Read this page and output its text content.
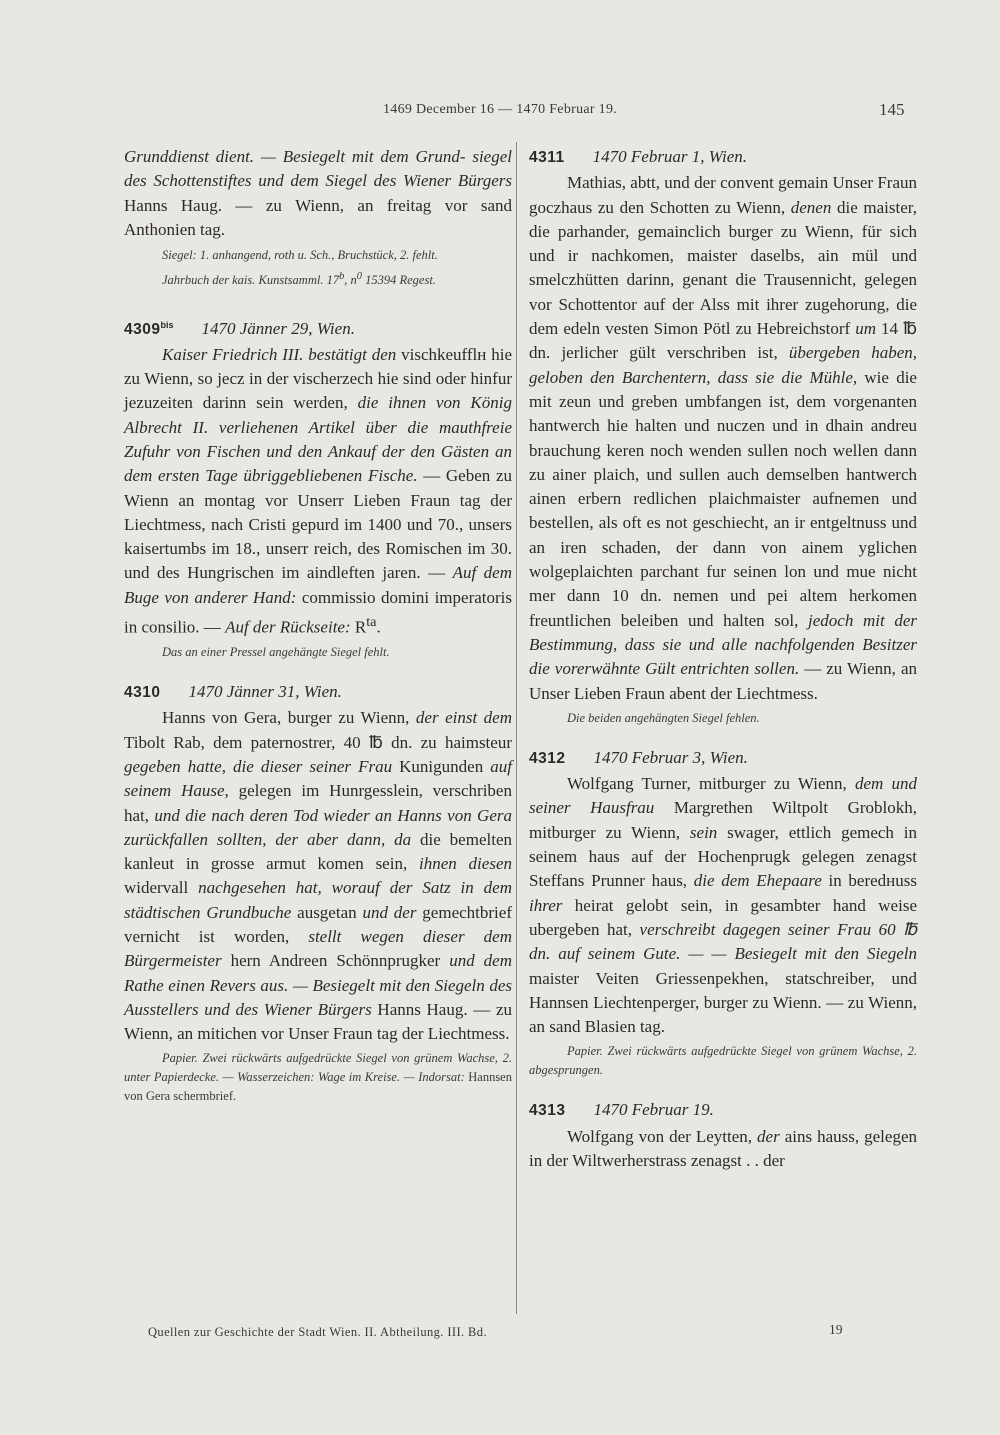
1469 December 16 — 1470 Februar 19.	145

Grunddienst dient. — Besiegelt mit dem Grund- siegel des Schottenstiftes und dem Siegel des Wiener Bürgers Hanns Haug. — zu Wienn, an freitag vor sand Anthonien tag.

Siegel: 1. anhangend, roth u. Sch., Bruchstück, 2. fehlt.

Jahrbuch der kais. Kunstsamml. 17$^b$, $n^0$ 15394 Regest.

$4309^{bis}$ 1470 Jänner 29, Wien.

Kaiser Friedrich III. bestätigt den vischkeufflн hie zu Wienn, so jecz in der vischerzech hie sind oder hinfur jezuzeiten darinn sein werden, die ihnen von König Albrecht II. verliehenen Artikel über die mauthfreie Zufuhr von Fischen und den Ankauf der den Gästen an dem ersten Tage übriggebliebenen Fische. — Geben zu Wienn an montag vor Unserr Lieben Fraun tag der Liechtmess, nach Cristi gepurd im 1400 und 70., unsers kaisertumbs im 18., unserr reich, des Romischen im 30. und des Hungrischen im aindleften jaren. — Auf dem Buge von anderer Hand: commissio domini imperatoris in consilio. — Auf der Rückseite: $R^{ta}$.

Das an einer Pressel angehängte Siegel fehlt.

4310 1470 Jänner 31, Wien.

Hanns von Gera, burger zu Wienn, der einst dem Tibolt Rab, dem paternostrer, 40 ℔ dn. zu haimsteur gegeben hatte, die dieser seiner Frau Kunigunden auf seinem Hause, gelegen im Hunrgesslein, verschriben hat, und die nach deren Tod wieder an Hanns von Gera zurückfallen sollten, der aber dann, da die bemelten kanleut in grosse armut komen sein, ihnen diesen widervall nachgesehen hat, worauf der Satz in dem städtischen Grundbuche ausgetan und der gemechtbrief vernicht ist worden, stellt wegen dieser dem Bürgermeister hern Andreen Schönnprugker und dem Rathe einen Revers aus. — Besiegelt mit den Siegeln des Ausstellers und des Wiener Bürgers Hanns Haug. — zu Wienn, an mitichen vor Unser Fraun tag der Liechtmess.

Papier. Zwei rückwärts aufgedrückte Siegel von grünem Wachse, 2. unter Papierdecke. — Wasserzeichen: Wage im Kreise. — Indorsat: Hannsen von Gera schermbrief.

4311 1470 Februar 1, Wien.

Mathias, abtt, und der convent gemain Unser Fraun goczhaus zu den Schotten zu Wienn, denen die maister, die parhander, gemainclich burger zu Wienn, für sich und ir nachkomen, maister daselbs, ain mül und smelczhütten darinn, genant die Trausennicht, gelegen vor Schottentor auf der Alss mit ihrer zugehorung, die dem edeln vesten Simon Pötl zu Hebreichstorf um 14 ℔ dn. jerlicher gült verschriben ist, übergeben haben, geloben den Barchentern, dass sie die Mühle, wie die mit zeun und greben umbfangen ist, dem vorgenanten hantwerch hie halten und nuczen und in dhain andreu brauchung keren noch wenden sullen noch wellen dann zu ainer plaich, und sullen auch demselben hantwerch ainen erbern redlichen plaichmaister aufnemen und bestellen, als oft es not geschiecht, an ir entgeltnuss und an iren schaden, der dann von ainem yglichen wolgeplaichten parchant fur seinen lon und mue nicht mer dann 10 dn. nemen und pei altem herkomen freuntlichen beleiben und halten sol, jedoch mit der Bestimmung, dass sie und alle nachfolgenden Besitzer die vorerwähnte Gült entrichten sollen. — zu Wienn, an Unser Lieben Fraun abent der Liechtmess.

Die beiden angehängten Siegel fehlen.

4312 1470 Februar 3, Wien.

Wolfgang Turner, mitburger zu Wienn, dem und seiner Hausfrau Margrethen Wiltpolt Groblokh, mitburger zu Wienn, sein swager, ettlich gemech in seinem haus auf der Hochenprugk gelegen zenagst Steffans Prunner haus, die dem Ehepaare in beredнuss ihrer heirat gelobt sein, in gesambter hand weise ubergeben hat, verschreibt dagegen seiner Frau 60 ℔ dn. auf seinem Gute. — — Besiegelt mit den Siegeln maister Veiten Griessenpekhen, statschreiber, und Hannsen Liechtenperger, burger zu Wienn. — zu Wienn, an sand Blasien tag.

Papier. Zwei rückwärts aufgedrückte Siegel von grünem Wachse, 2. abgesprungen.

4313 1470 Februar 19.

Wolfgang von der Leytten, der ains hauss, gelegen in der Wiltwerherstrass zenagst . . der

Quellen zur Geschichte der Stadt Wien. II. Abtheilung. III. Bd.	19
